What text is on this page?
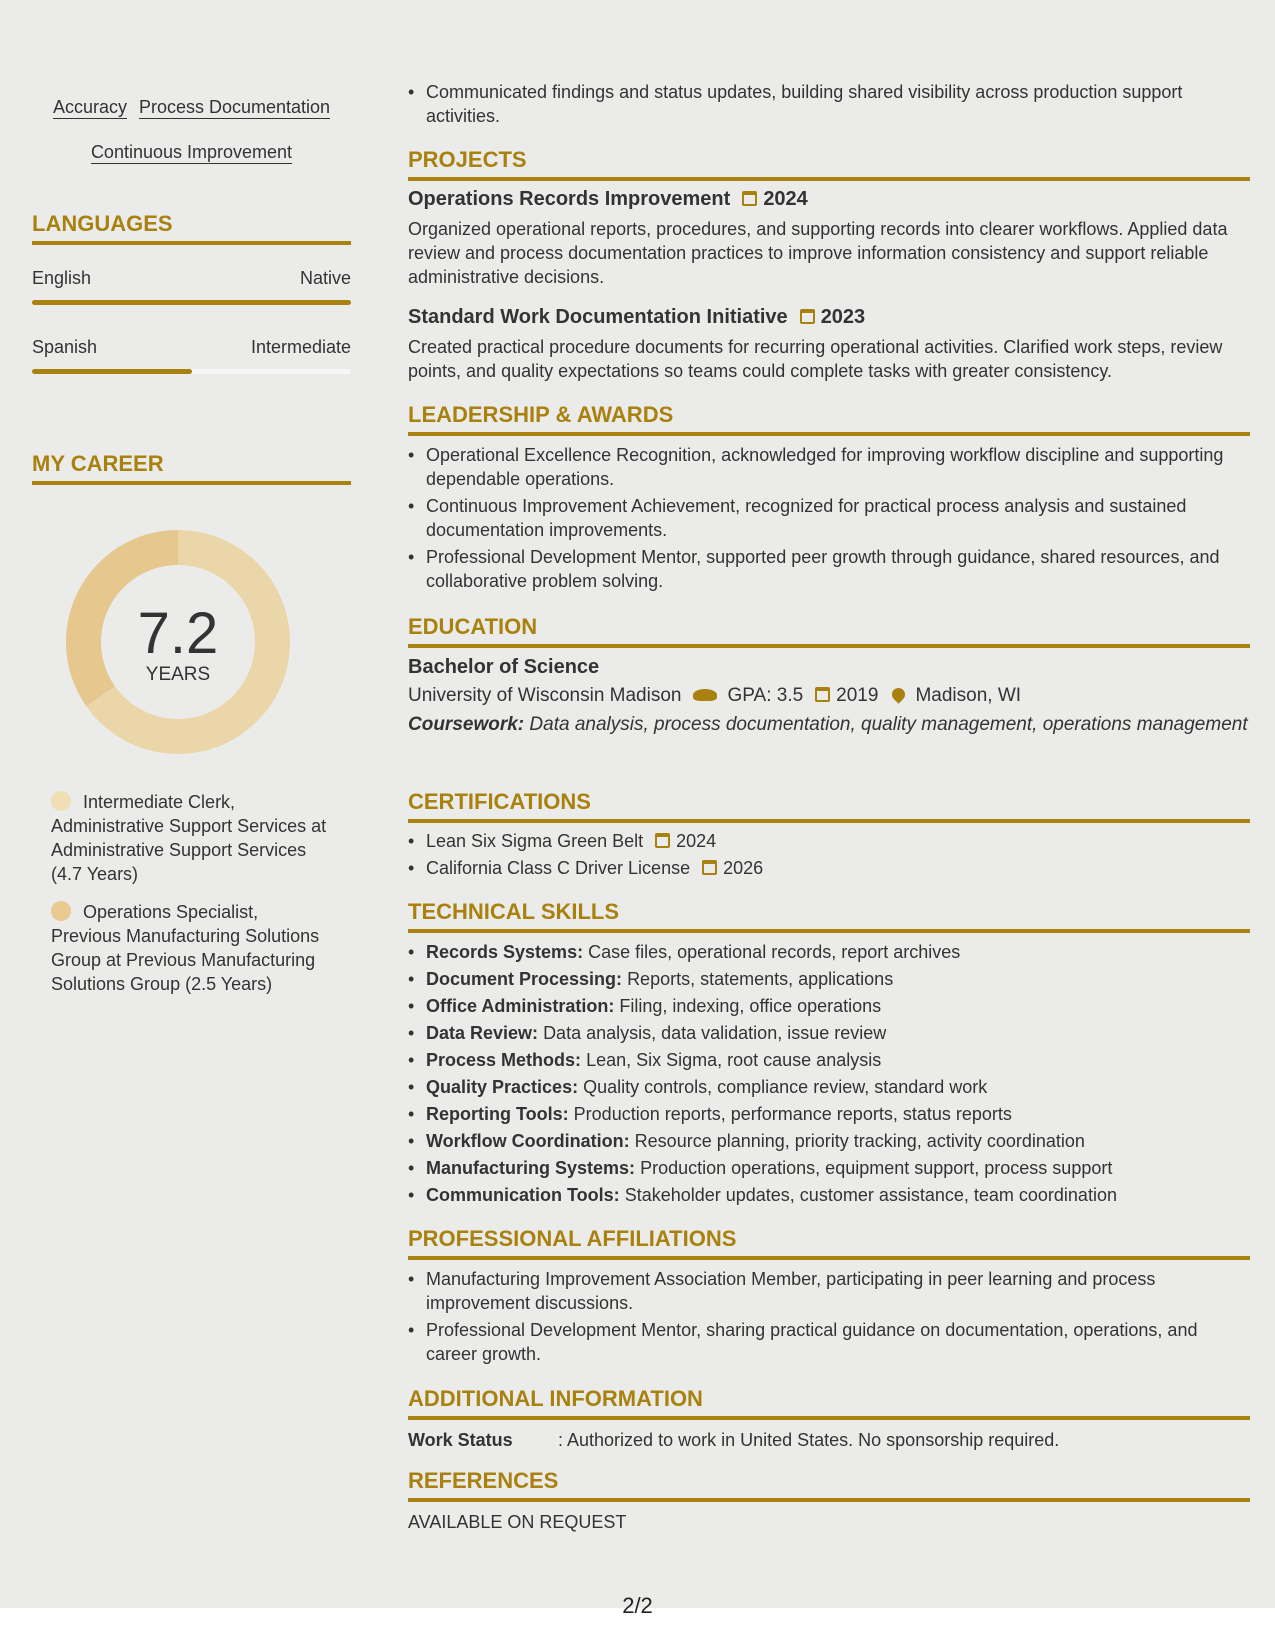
Accuracy Process Documentation
Continuous Improvement
LANGUAGES
English	Native
Spanish	Intermediate
MY CAREER
7.2
YEARS
Intermediate Clerk, Administrative Support Services at Administrative Support Services (4.7 Years)
Operations Specialist, Previous Manufacturing Solutions Group at Previous Manufacturing Solutions Group (2.5 Years)
• Communicated findings and status updates, building shared visibility across production support activities.
PROJECTS
Operations Records Improvement 2024
Organized operational reports, procedures, and supporting records into clearer workflows. Applied data review and process documentation practices to improve information consistency and support reliable administrative decisions.
Standard Work Documentation Initiative 2023
Created practical procedure documents for recurring operational activities. Clarified work steps, review points, and quality expectations so teams could complete tasks with greater consistency.
LEADERSHIP & AWARDS
• Operational Excellence Recognition, acknowledged for improving workflow discipline and supporting dependable operations.
• Continuous Improvement Achievement, recognized for practical process analysis and sustained documentation improvements.
• Professional Development Mentor, supported peer growth through guidance, shared resources, and collaborative problem solving.
EDUCATION
Bachelor of Science
University of Wisconsin Madison GPA: 3.5 2019 Madison, WI
Coursework: Data analysis, process documentation, quality management, operations management
CERTIFICATIONS
• Lean Six Sigma Green Belt 2024
• California Class C Driver License 2026
TECHNICAL SKILLS
• Records Systems: Case files, operational records, report archives
• Document Processing: Reports, statements, applications
• Office Administration: Filing, indexing, office operations
• Data Review: Data analysis, data validation, issue review
• Process Methods: Lean, Six Sigma, root cause analysis
• Quality Practices: Quality controls, compliance review, standard work
• Reporting Tools: Production reports, performance reports, status reports
• Workflow Coordination: Resource planning, priority tracking, activity coordination
• Manufacturing Systems: Production operations, equipment support, process support
• Communication Tools: Stakeholder updates, customer assistance, team coordination
PROFESSIONAL AFFILIATIONS
• Manufacturing Improvement Association Member, participating in peer learning and process improvement discussions.
• Professional Development Mentor, sharing practical guidance on documentation, operations, and career growth.
ADDITIONAL INFORMATION
Work Status	: Authorized to work in United States. No sponsorship required.
REFERENCES
AVAILABLE ON REQUEST
2/2
